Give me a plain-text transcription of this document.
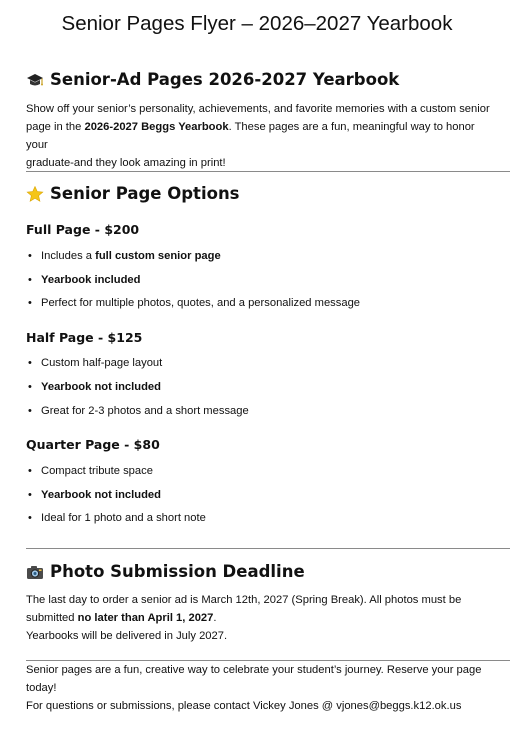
Senior Pages Flyer – 2026–2027 Yearbook
Senior-Ad Pages 2026-2027 Yearbook
Show off your senior’s personality, achievements, and favorite memories with a custom senior
page in the 2026-2027 Beggs Yearbook. These pages are a fun, meaningful way to honor your
graduate-and they look amazing in print!
Senior Page Options
Full Page - $200
• Includes a full custom senior page
• Yearbook included
• Perfect for multiple photos, quotes, and a personalized message
Half Page - $125
• Custom half-page layout
• Yearbook not included
• Great for 2-3 photos and a short message
Quarter Page - $80
• Compact tribute space
• Yearbook not included
• Ideal for 1 photo and a short note
Photo Submission Deadline
The last day to order a senior ad is March 12th, 2027 (Spring Break). All photos must be
submitted no later than April 1, 2027.
Yearbooks will be delivered in July 2027.
Senior pages are a fun, creative way to celebrate your student’s journey. Reserve your page
today!
For questions or submissions, please contact Vickey Jones @ vjones@beggs.k12.ok.us
